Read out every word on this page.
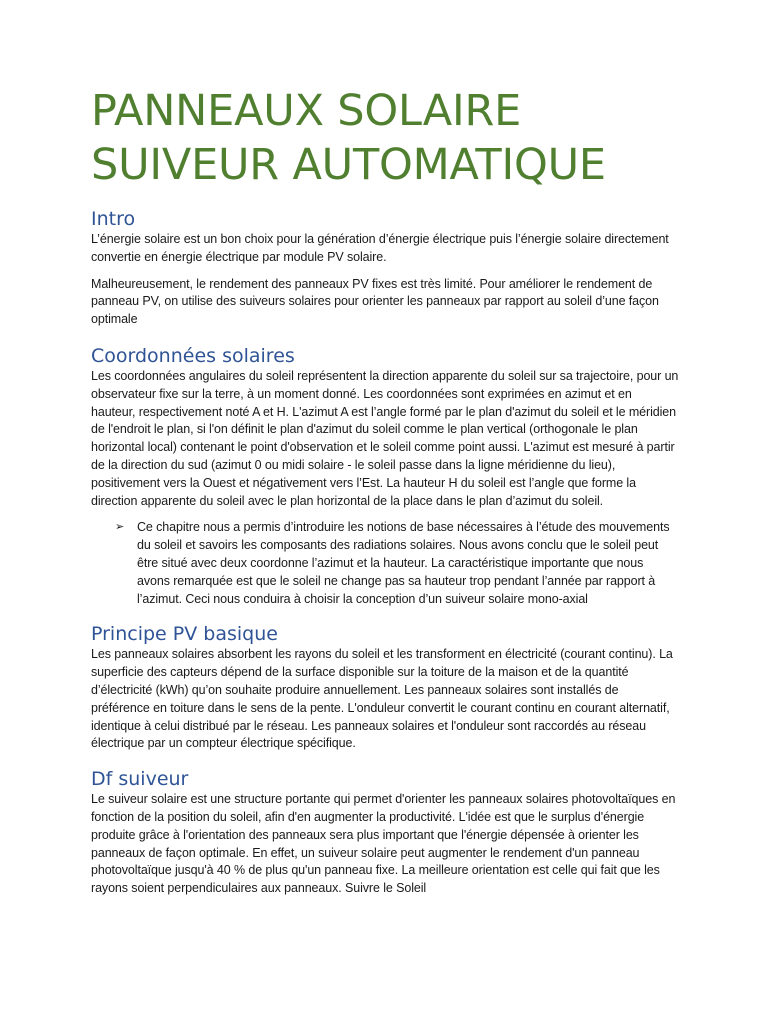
PANNEAUX SOLAIRE
SUIVEUR AUTOMATIQUE
Intro

L’énergie solaire est un bon choix pour la génération d’énergie électrique puis l’énergie solaire directement convertie en énergie électrique par module PV solaire.

Malheureusement, le rendement des panneaux PV fixes est très limité. Pour améliorer le rendement de panneau PV, on utilise des suiveurs solaires pour orienter les panneaux par rapport au soleil d’une façon optimale

Coordonnées solaires

Les coordonnées angulaires du soleil représentent la direction apparente du soleil sur sa trajectoire, pour un observateur fixe sur la terre, à un moment donné. Les coordonnées sont exprimées en azimut et en hauteur, respectivement noté A et H. L'azimut A est l’angle formé par le plan d'azimut du soleil et le méridien de l'endroit le plan, si l'on définit le plan d'azimut du soleil comme le plan vertical (orthogonale le plan horizontal local) contenant le point d'observation et le soleil comme point aussi. L'azimut est mesuré à partir de la direction du sud (azimut 0 ou midi solaire - le soleil passe dans la ligne méridienne du lieu), positivement vers la Ouest et négativement vers l’Est. La hauteur H du soleil est l’angle que forme la direction apparente du soleil avec le plan horizontal de la place dans le plan d’azimut du soleil.

➢ Ce chapitre nous a permis d’introduire les notions de base nécessaires à l’étude des mouvements du soleil et savoirs les composants des radiations solaires. Nous avons conclu que le soleil peut être situé avec deux coordonne l’azimut et la hauteur. La caractéristique importante que nous avons remarquée est que le soleil ne change pas sa hauteur trop pendant l’année par rapport à l’azimut. Ceci nous conduira à choisir la conception d’un suiveur solaire mono-axial
Principe PV basique

Les panneaux solaires absorbent les rayons du soleil et les transforment en électricité (courant continu). La superficie des capteurs dépend de la surface disponible sur la toiture de la maison et de la quantité d’électricité (kWh) qu’on souhaite produire annuellement. Les panneaux solaires sont installés de préférence en toiture dans le sens de la pente. L'onduleur convertit le courant continu en courant alternatif, identique à celui distribué par le réseau. Les panneaux solaires et l'onduleur sont raccordés au réseau électrique par un compteur électrique spécifique.

Df suiveur

Le suiveur solaire est une structure portante qui permet d'orienter les panneaux solaires photovoltaïques en fonction de la position du soleil, afin d'en augmenter la productivité. L'idée est que le surplus d'énergie produite grâce à l'orientation des panneaux sera plus important que l'énergie dépensée à orienter les panneaux de façon optimale. En effet, un suiveur solaire peut augmenter le rendement d'un panneau photovoltaïque jusqu'à 40 % de plus qu'un panneau fixe. La meilleure orientation est celle qui fait que les rayons soient perpendiculaires aux panneaux. Suivre le Soleil
